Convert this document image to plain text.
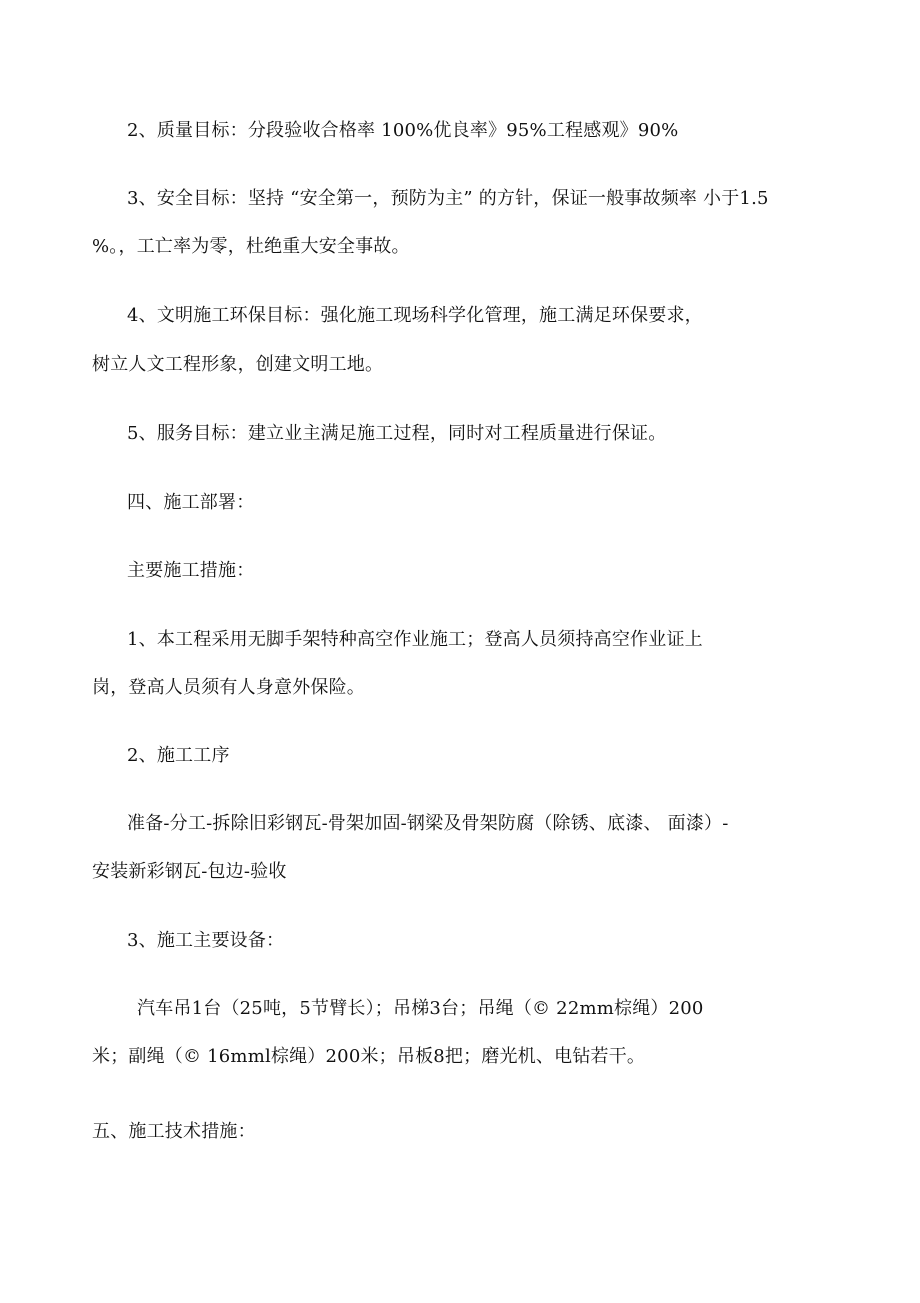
2、质量目标：分段验收合格率 100%优良率》95%工程感观》90%
3、安全目标：坚持 “安全第一，预防为主” 的方针，保证一般事故频率 小于1.5
%。，工亡率为零，杜绝重大安全事故。
4、文明施工环保目标：强化施工现场科学化管理，施工满足环保要求，
树立人文工程形象，创建文明工地。
5、服务目标：建立业主满足施工过程，同时对工程质量进行保证。
四、施工部署：
主要施工措施：
1、本工程采用无脚手架特种高空作业施工；登高人员须持高空作业证上
岗，登高人员须有人身意外保险。
2、施工工序
准备-分工-拆除旧彩钢瓦-骨架加固-钢梁及骨架防腐（除锈、底漆、 面漆）-
安装新彩钢瓦-包边-验收
3、施工主要设备：
汽车吊1台（25吨，5节臂长）；吊梯3台；吊绳（© 22mm棕绳）200
米；副绳（© 16mml棕绳）200米；吊板8把；磨光机、电钻若干。
五、施工技术措施：
